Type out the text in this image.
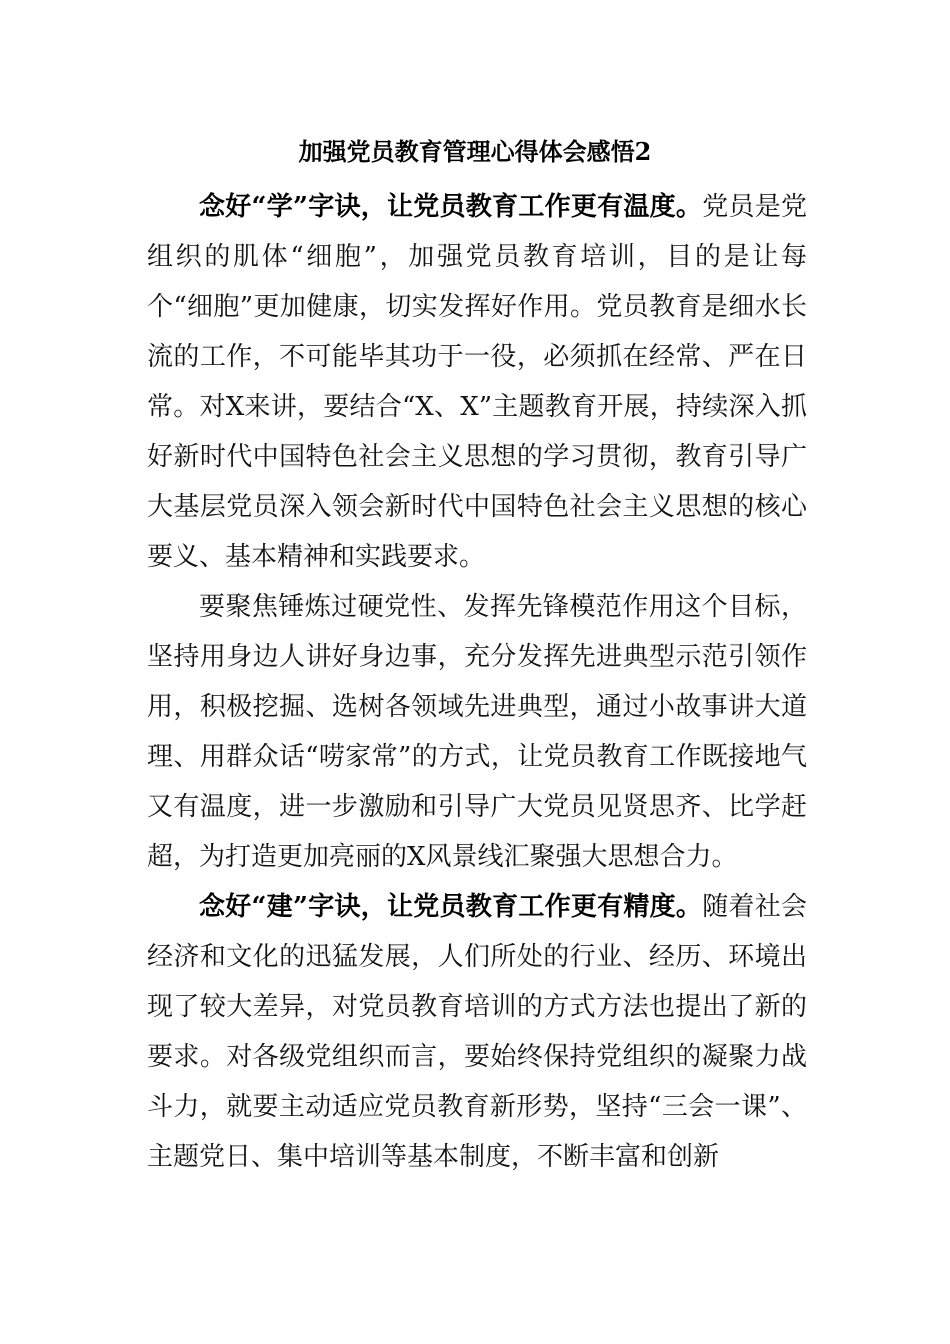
加强党员教育管理心得体会感悟2

念好“学”字诀，让党员教育工作更有温度。党员是党组织的肌体“细胞”，加强党员教育培训，目的是让每个“细胞”更加健康，切实发挥好作用。党员教育是细水长流的工作，不可能毕其功于一役，必须抓在经常、严在日常。对X来讲，要结合“X、X”主题教育开展，持续深入抓好新时代中国特色社会主义思想的学习贯彻，教育引导广大基层党员深入领会新时代中国特色社会主义思想的核心要义、基本精神和实践要求。

要聚焦锤炼过硬党性、发挥先锋模范作用这个目标，坚持用身边人讲好身边事，充分发挥先进典型示范引领作用，积极挖掘、选树各领域先进典型，通过小故事讲大道理、用群众话“唠家常”的方式，让党员教育工作既接地气又有温度，进一步激励和引导广大党员见贤思齐、比学赶超，为打造更加亮丽的X风景线汇聚强大思想合力。

念好“建”字诀，让党员教育工作更有精度。随着社会经济和文化的迅猛发展，人们所处的行业、经历、环境出现了较大差异，对党员教育培训的方式方法也提出了新的要求。对各级党组织而言，要始终保持党组织的凝聚力战斗力，就要主动适应党员教育新形势，坚持“三会一课”、主题党日、集中培训等基本制度，不断丰富和创新
